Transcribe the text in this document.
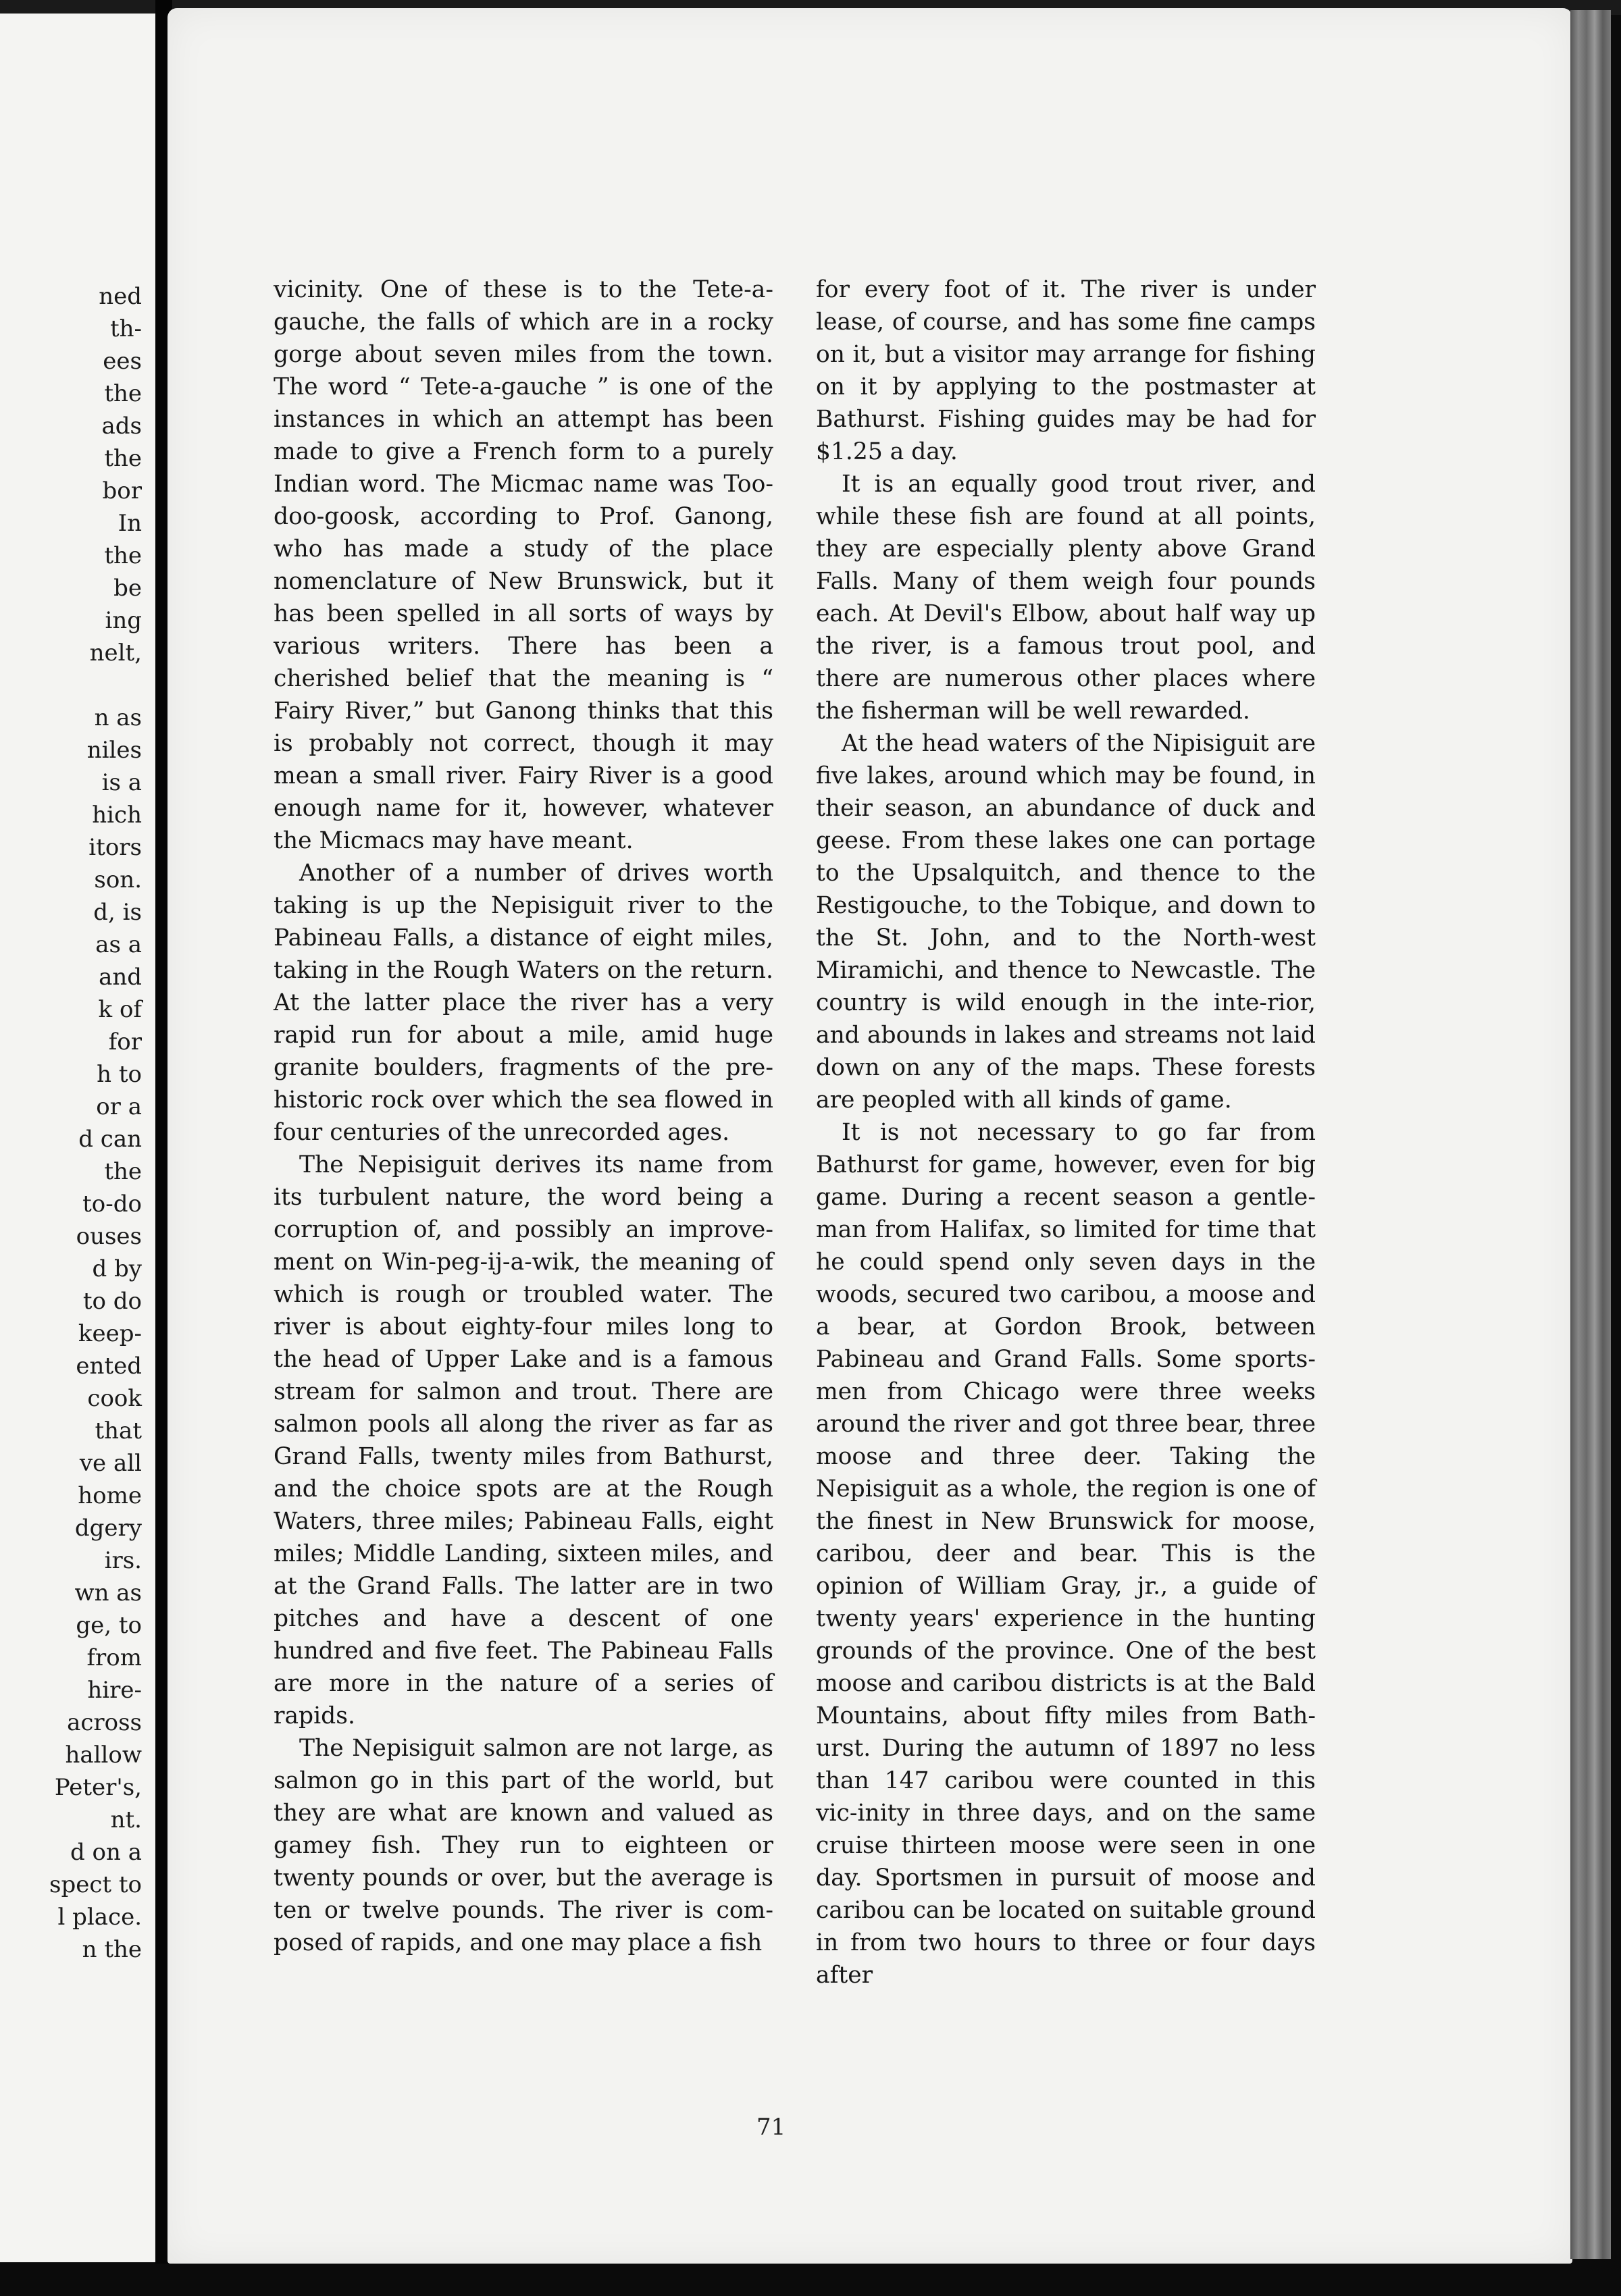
ned
th-
ees
the
ads
the
bor
In
the
be
ing
nelt,
n as
niles
is a
hich
itors
son.
d, is
as a
and
k of
for
h to
or a
d can
the
to-do
ouses
d by
to do
keep-
ented
cook
that
ve all
home
dgery
irs.
wn as
ge, to
from
hire-
across
hallow
Peter's,
nt.
d on a
spect to
l place.
n the

vicinity. One of these is to the Tete-a-gauche, the falls of which are in a rocky gorge about seven miles from the town. The word “ Tete-a-gauche ” is one of the instances in which an attempt has been made to give a French form to a purely Indian word. The Micmac name was Too-doo-goosk, according to Prof. Ganong, who has made a study of the place nomenclature of New Brunswick, but it has been spelled in all sorts of ways by various writers. There has been a cherished belief that the meaning is “ Fairy River,” but Ganong thinks that this is probably not correct, though it may mean a small river. Fairy River is a good enough name for it, however, whatever the Micmacs may have meant.

Another of a number of drives worth taking is up the Nepisiguit river to the Pabineau Falls, a distance of eight miles, taking in the Rough Waters on the return. At the latter place the river has a very rapid run for about a mile, amid huge granite boulders, fragments of the pre-historic rock over which the sea flowed in four centuries of the unrecorded ages.

The Nepisiguit derives its name from its turbulent nature, the word being a corruption of, and possibly an improve-ment on Win-peg-ij-a-wik, the meaning of which is rough or troubled water. The river is about eighty-four miles long to the head of Upper Lake and is a famous stream for salmon and trout. There are salmon pools all along the river as far as Grand Falls, twenty miles from Bathurst, and the choice spots are at the Rough Waters, three miles; Pabineau Falls, eight miles; Middle Landing, sixteen miles, and at the Grand Falls. The latter are in two pitches and have a descent of one hundred and five feet. The Pabineau Falls are more in the nature of a series of rapids.

The Nepisiguit salmon are not large, as salmon go in this part of the world, but they are what are known and valued as gamey fish. They run to eighteen or twenty pounds or over, but the average is ten or twelve pounds. The river is com-posed of rapids, and one may place a fish

for every foot of it. The river is under lease, of course, and has some fine camps on it, but a visitor may arrange for fishing on it by applying to the postmaster at Bathurst. Fishing guides may be had for $1.25 a day.

It is an equally good trout river, and while these fish are found at all points, they are especially plenty above Grand Falls. Many of them weigh four pounds each. At Devil's Elbow, about half way up the river, is a famous trout pool, and there are numerous other places where the fisherman will be well rewarded.

At the head waters of the Nipisiguit are five lakes, around which may be found, in their season, an abundance of duck and geese. From these lakes one can portage to the Upsalquitch, and thence to the Restigouche, to the Tobique, and down to the St. John, and to the North-west Miramichi, and thence to Newcastle. The country is wild enough in the inte-rior, and abounds in lakes and streams not laid down on any of the maps. These forests are peopled with all kinds of game.

It is not necessary to go far from Bathurst for game, however, even for big game. During a recent season a gentle-man from Halifax, so limited for time that he could spend only seven days in the woods, secured two caribou, a moose and a bear, at Gordon Brook, between Pabineau and Grand Falls. Some sports-men from Chicago were three weeks around the river and got three bear, three moose and three deer. Taking the Nepisiguit as a whole, the region is one of the finest in New Brunswick for moose, caribou, deer and bear. This is the opinion of William Gray, jr., a guide of twenty years' experience in the hunting grounds of the province. One of the best moose and caribou districts is at the Bald Mountains, about fifty miles from Bath-urst. During the autumn of 1897 no less than 147 caribou were counted in this vic-inity in three days, and on the same cruise thirteen moose were seen in one day. Sportsmen in pursuit of moose and caribou can be located on suitable ground in from two hours to three or four days after

71
